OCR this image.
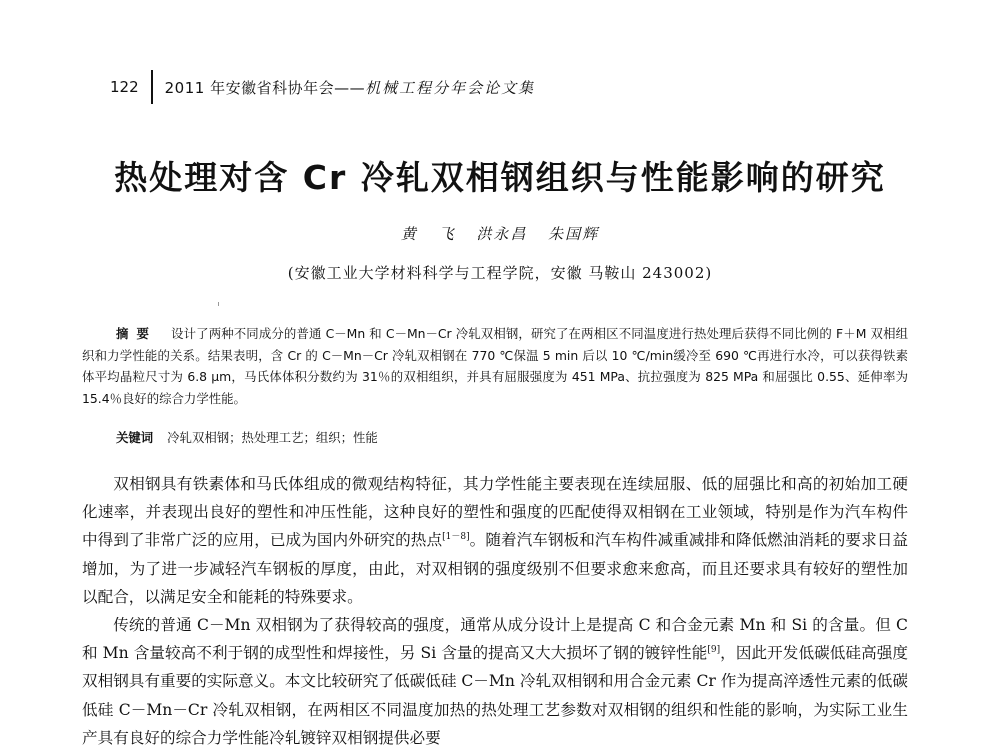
122 2011 年安徽省科协年会—— 机械工程分年会论文集
热处理对含 Cr 冷轧双相钢组织与性能影响的研究
黄 飞 洪永昌 朱国辉
(安徽工业大学材料科学与工程学院，安徽 马鞍山 243002)
摘要 设计了两种不同成分的普通 C－Mn 和 C－Mn－Cr 冷轧双相钢，研究了在两相区不同温度进行热处理后获得不同比例的 F＋M 双相组织和力学性能的关系。结果表明，含 Cr 的 C－Mn－Cr 冷轧双相钢在 770 ℃保温 5 min 后以 10 ℃/min缓冷至 690 ℃再进行水冷，可以获得铁素体平均晶粒尺寸为 6.8 μm，马氏体体积分数约为 31％的双相组织，并具有屈服强度为 451 MPa、抗拉强度为 825 MPa 和屈强比 0.55、延伸率为 15.4％良好的综合力学性能。
关键词 冷轧双相钢；热处理工艺；组织；性能

双相钢具有铁素体和马氏体组成的微观结构特征，其力学性能主要表现在连续屈服、低的屈强比和高的初始加工硬化速率，并表现出良好的塑性和冲压性能，这种良好的塑性和强度的匹配使得双相钢在工业领域，特别是作为汽车构件中得到了非常广泛的应用，已成为国内外研究的热点[1－8]。随着汽车钢板和汽车构件减重减排和降低燃油消耗的要求日益增加，为了进一步减轻汽车钢板的厚度，由此，对双相钢的强度级别不但要求愈来愈高，而且还要求具有较好的塑性加以配合，以满足安全和能耗的特殊要求。

传统的普通 C－Mn 双相钢为了获得较高的强度，通常从成分设计上是提高 C 和合金元素 Mn 和 Si 的含量。但 C 和 Mn 含量较高不利于钢的成型性和焊接性，另 Si 含量的提高又大大损坏了钢的镀锌性能[9]，因此开发低碳低硅高强度双相钢具有重要的实际意义。本文比较研究了低碳低硅 C－Mn 冷轧双相钢和用合金元素 Cr 作为提高淬透性元素的低碳低硅 C－Mn－Cr 冷轧双相钢，在两相区不同温度加热的热处理工艺参数对双相钢的组织和性能的影响，为实际工业生产具有良好的综合力学性能冷轧镀锌双相钢提供必要
